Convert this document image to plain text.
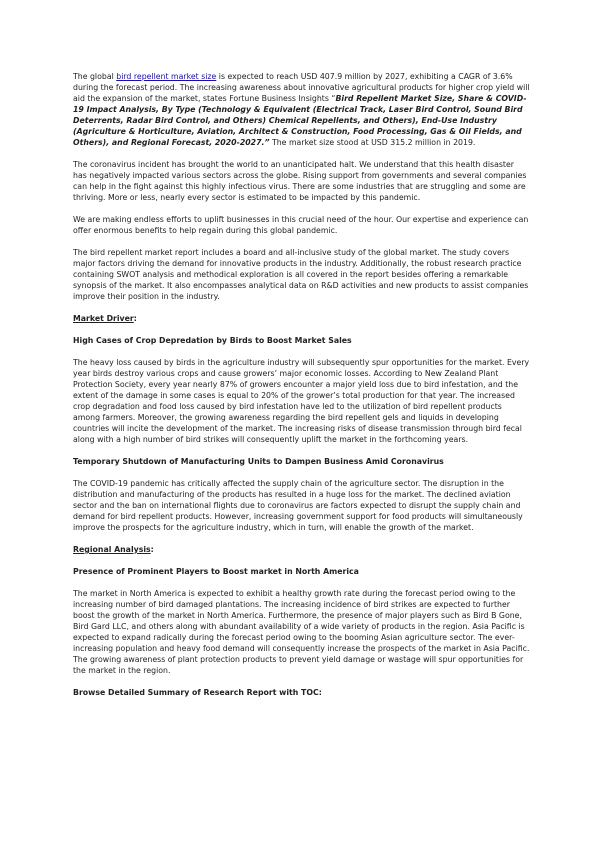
The global bird repellent market size is expected to reach USD 407.9 million by 2027, exhibiting a CAGR of 3.6% during the forecast period. The increasing awareness about innovative agricultural products for higher crop yield will aid the expansion of the market, states Fortune Business Insights “Bird Repellent Market Size, Share & COVID-19 Impact Analysis, By Type (Technology & Equivalent (Electrical Track, Laser Bird Control, Sound Bird Deterrents, Radar Bird Control, and Others) Chemical Repellents, and Others), End-Use Industry (Agriculture & Horticulture, Aviation, Architect & Construction, Food Processing, Gas & Oil Fields, and Others), and Regional Forecast, 2020-2027.” The market size stood at USD 315.2 million in 2019.

The coronavirus incident has brought the world to an unanticipated halt. We understand that this health disaster has negatively impacted various sectors across the globe. Rising support from governments and several companies can help in the fight against this highly infectious virus. There are some industries that are struggling and some are thriving. More or less, nearly every sector is estimated to be impacted by this pandemic.

We are making endless efforts to uplift businesses in this crucial need of the hour. Our expertise and experience can offer enormous benefits to help regain during this global pandemic.

The bird repellent market report includes a board and all-inclusive study of the global market. The study covers major factors driving the demand for innovative products in the industry. Additionally, the robust research practice containing SWOT analysis and methodical exploration is all covered in the report besides offering a remarkable synopsis of the market. It also encompasses analytical data on R&D activities and new products to assist companies improve their position in the industry.

Market Driver:

High Cases of Crop Depredation by Birds to Boost Market Sales

The heavy loss caused by birds in the agriculture industry will subsequently spur opportunities for the market. Every year birds destroy various crops and cause growers’ major economic losses. According to New Zealand Plant Protection Society, every year nearly 87% of growers encounter a major yield loss due to bird infestation, and the extent of the damage in some cases is equal to 20% of the grower’s total production for that year. The increased crop degradation and food loss caused by bird infestation have led to the utilization of bird repellent products among farmers. Moreover, the growing awareness regarding the bird repellent gels and liquids in developing countries will incite the development of the market. The increasing risks of disease transmission through bird fecal along with a high number of bird strikes will consequently uplift the market in the forthcoming years.

Temporary Shutdown of Manufacturing Units to Dampen Business Amid Coronavirus

The COVID-19 pandemic has critically affected the supply chain of the agriculture sector. The disruption in the distribution and manufacturing of the products has resulted in a huge loss for the market. The declined aviation sector and the ban on international flights due to coronavirus are factors expected to disrupt the supply chain and demand for bird repellent products. However, increasing government support for food products will simultaneously improve the prospects for the agriculture industry, which in turn, will enable the growth of the market.

Regional Analysis:

Presence of Prominent Players to Boost market in North America

The market in North America is expected to exhibit a healthy growth rate during the forecast period owing to the increasing number of bird damaged plantations. The increasing incidence of bird strikes are expected to further boost the growth of the market in North America. Furthermore, the presence of major players such as Bird B Gone, Bird Gard LLC, and others along with abundant availability of a wide variety of products in the region. Asia Pacific is expected to expand radically during the forecast period owing to the booming Asian agriculture sector. The ever-increasing population and heavy food demand will consequently increase the prospects of the market in Asia Pacific. The growing awareness of plant protection products to prevent yield damage or wastage will spur opportunities for the market in the region.

Browse Detailed Summary of Research Report with TOC:
